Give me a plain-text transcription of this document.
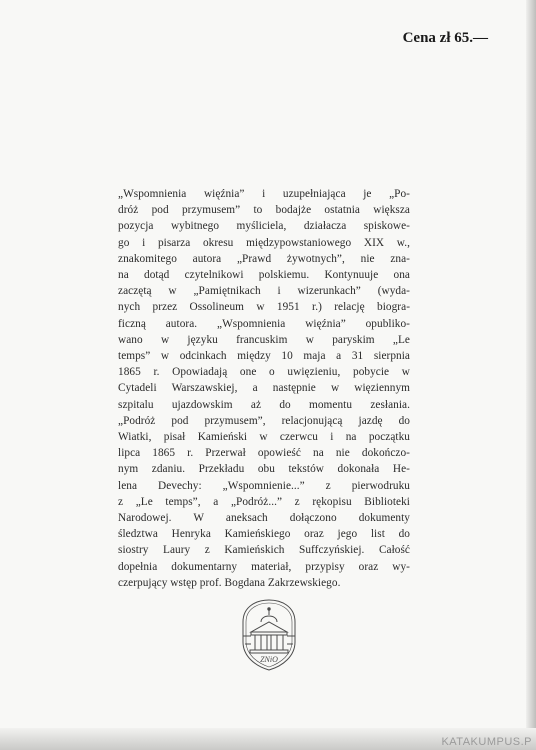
Cena zł 65.—
„Wspomnienia więźnia” i uzupełniająca je „Po-
dróż pod przymusem” to bodajże ostatnia większa
pozycja wybitnego myśliciela, działacza spiskowe-
go i pisarza okresu międzypowstaniowego XIX w.,
znakomitego autora „Prawd żywotnych”, nie zna-
na dotąd czytelnikowi polskiemu. Kontynuuje ona
zaczętą w „Pamiętnikach i wizerunkach” (wyda-
nych przez Ossolineum w 1951 r.) relację biogra-
ficzną autora. „Wspomnienia więźnia” opubliko-
wano w języku francuskim w paryskim „Le
temps” w odcinkach między 10 maja a 31 sierpnia
1865 r. Opowiadają one o uwięzieniu, pobycie w
Cytadeli Warszawskiej, a następnie w więziennym
szpitalu ujazdowskim aż do momentu zesłania.
„Podróż pod przymusem”, relacjonującą jazdę do
Wiatki, pisał Kamieński w czerwcu i na początku
lipca 1865 r. Przerwał opowieść na nie dokończo-
nym zdaniu. Przekładu obu tekstów dokonała He-
lena Devechy: „Wspomnienie...” z pierwodruku
z „Le temps”, a „Podróż...” z rękopisu Biblioteki
Narodowej. W aneksach dołączono dokumenty
śledztwa Henryka Kamieńskiego oraz jego list do
siostry Laury z Kamieńskich Suffczyńskiej. Całość
dopełnia dokumentarny materiał, przypisy oraz wy-
czerpujący wstęp prof. Bogdana Zakrzewskiego.
ZNiO
KATAKUMPUS.P
